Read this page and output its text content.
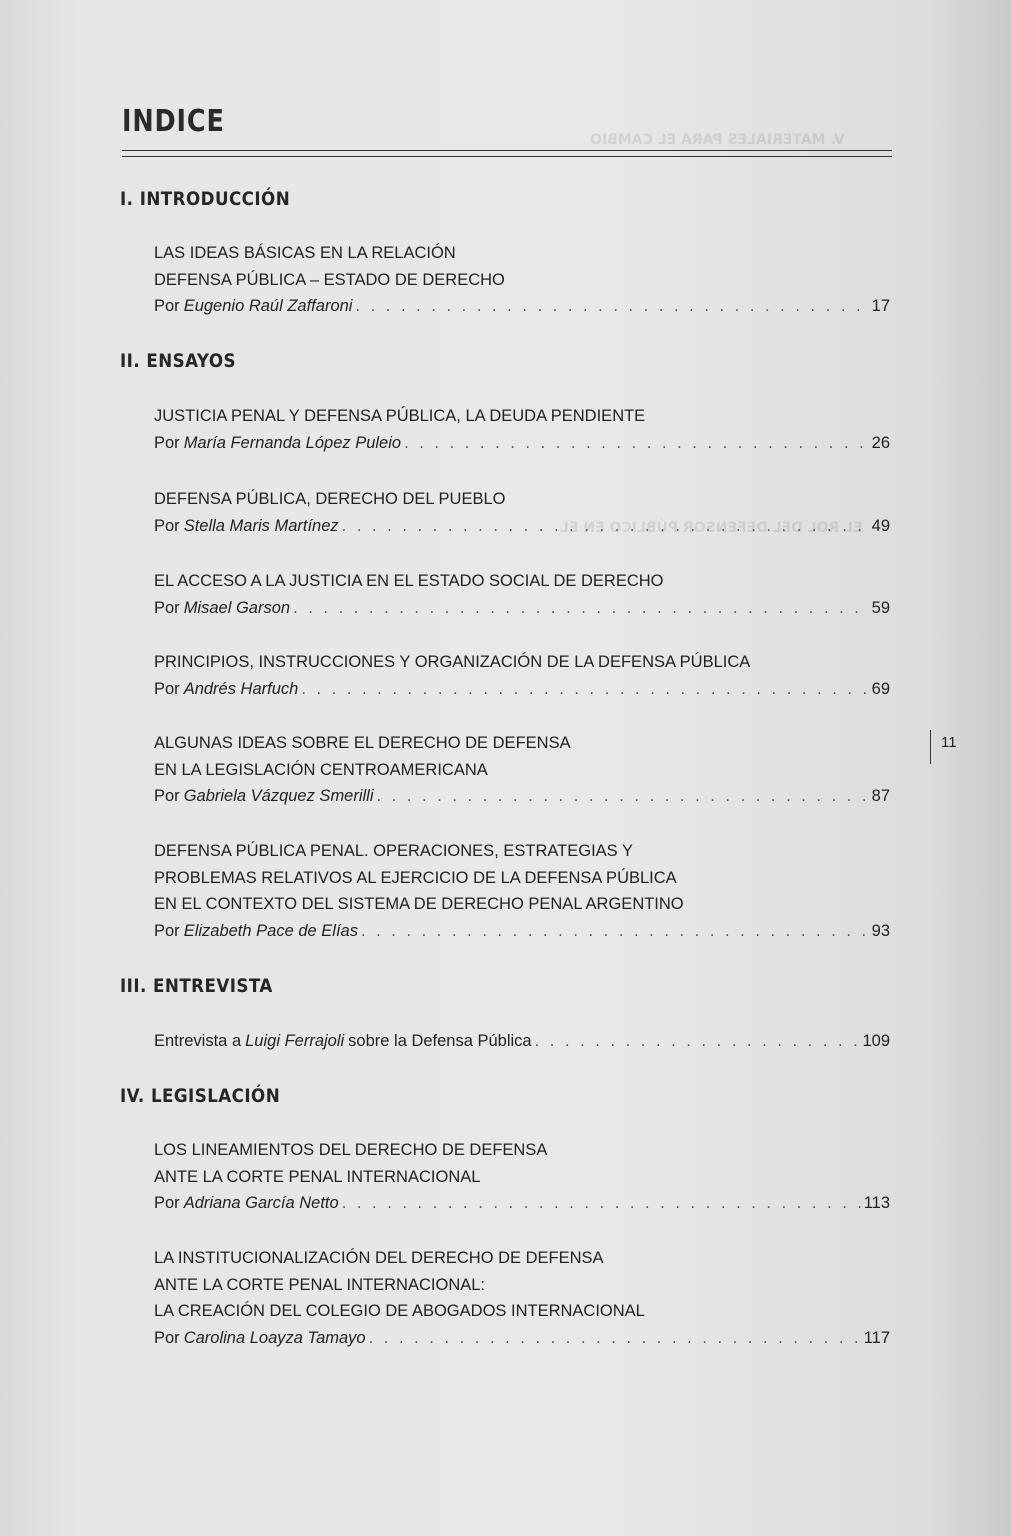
V. MATERIALES PARA EL CAMBIO
EL ROL DEL DEFENSOR PÚBLICO EN EL
INDICE
I. INTRODUCCIÓN
LAS IDEAS BÁSICAS EN LA RELACIÓN
DEFENSA PÚBLICA – ESTADO DE DERECHO
Por Eugenio Raúl Zaffaroni . . .	17
II. ENSAYOS
JUSTICIA PENAL Y DEFENSA PÚBLICA, LA DEUDA PENDIENTE
Por María Fernanda López Puleio . . .	26
DEFENSA PÚBLICA, DERECHO DEL PUEBLO
Por Stella Maris Martínez . . .	49
EL ACCESO A LA JUSTICIA EN EL ESTADO SOCIAL DE DERECHO
Por Misael Garson . . .	59
PRINCIPIOS, INSTRUCCIONES Y ORGANIZACIÓN DE LA DEFENSA PÚBLICA
Por Andrés Harfuch . . .	69
ALGUNAS IDEAS SOBRE EL DERECHO DE DEFENSA
EN LA LEGISLACIÓN CENTROAMERICANA
Por Gabriela Vázquez Smerilli . . .	87
DEFENSA PÚBLICA PENAL. OPERACIONES, ESTRATEGIAS Y
PROBLEMAS RELATIVOS AL EJERCICIO DE LA DEFENSA PÚBLICA
EN EL CONTEXTO DEL SISTEMA DE DERECHO PENAL ARGENTINO
Por Elizabeth Pace de Elías . . .	93
III. ENTREVISTA
Entrevista a Luigi Ferrajoli sobre la Defensa Pública . . .	109
IV. LEGISLACIÓN
LOS LINEAMIENTOS DEL DERECHO DE DEFENSA
ANTE LA CORTE PENAL INTERNACIONAL
Por Adriana García Netto . . .	113
LA INSTITUCIONALIZACIÓN DEL DERECHO DE DEFENSA
ANTE LA CORTE PENAL INTERNACIONAL:
LA CREACIÓN DEL COLEGIO DE ABOGADOS INTERNACIONAL
Por Carolina Loayza Tamayo . . .	117
11
